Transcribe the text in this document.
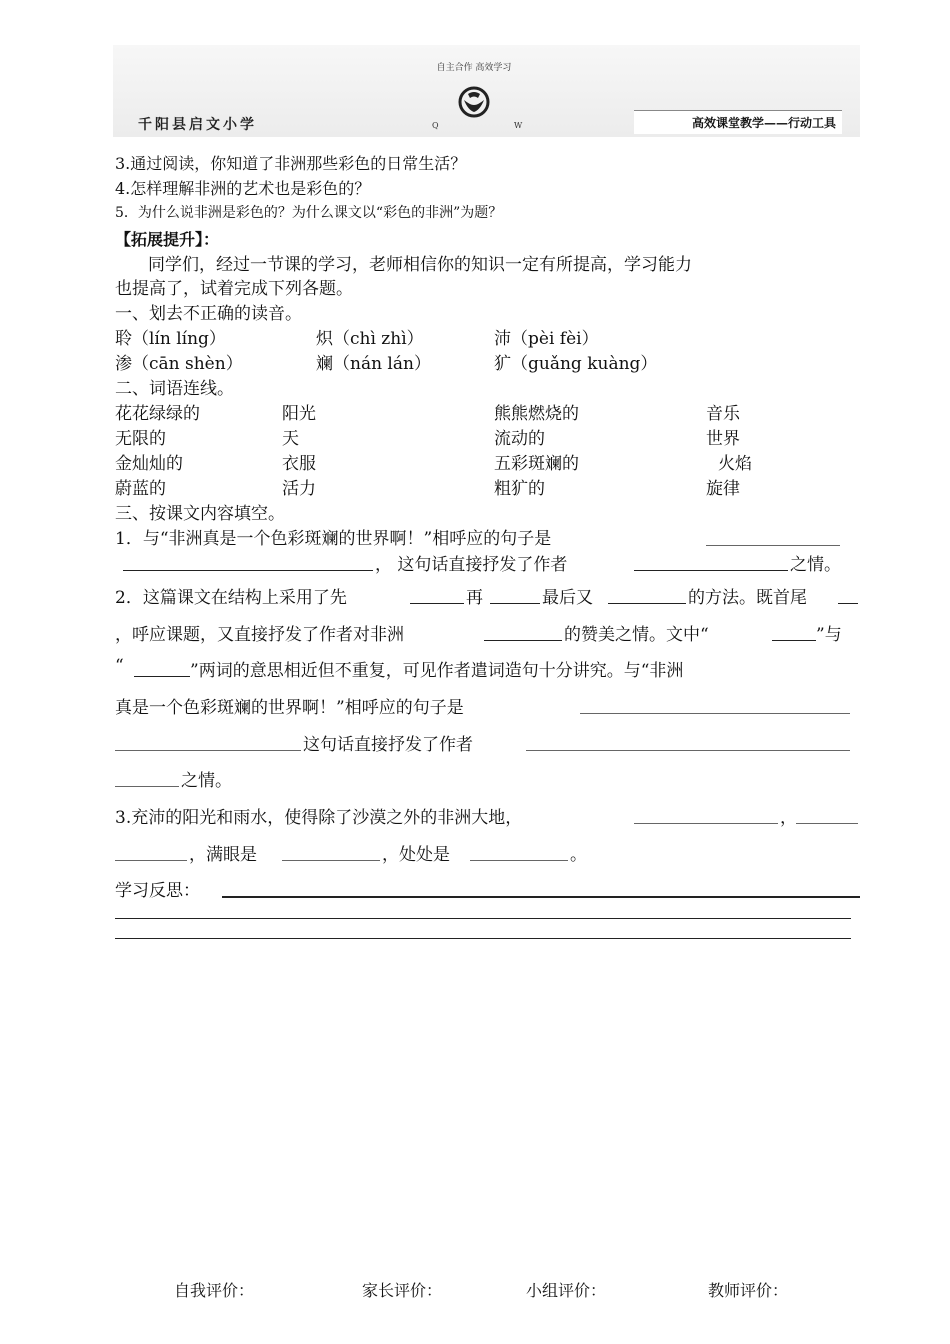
千阳县启文小学	高效课堂教学——行动工具
自主合作 高效学习
Q	W
3.通过阅读，你知道了非洲那些彩色的日常生活？
4.怎样理解非洲的艺术也是彩色的？
5．为什么说非洲是彩色的？为什么课文以“彩色的非洲”为题？
【拓展提升】：
同学们，经过一节课的学习，老师相信你的知识一定有所提高，学习能力
也提高了，试着完成下列各题。
一、划去不正确的读音。
聆（lín líng）	炽（chì zhì）	沛（pèi fèi）
渗（cān shèn）	斓（nán lán）	犷（guǎng kuàng）
二、词语连线。
花花绿绿的	阳光	熊熊燃烧的	音乐
无限的	天	流动的	世界
金灿灿的	衣服	五彩斑斓的	火焰
蔚蓝的	活力	粗犷的	旋律
三、按课文内容填空。
1．与“非洲真是一个色彩斑斓的世界啊！”相呼应的句子是
， 这句话直接抒发了作者	之情。
2．这篇课文在结构上采用了先	再	最后又	的方法。既首尾
，呼应课题，又直接抒发了作者对非洲	的赞美之情。文中“	”与
“	”两词的意思相近但不重复，可见作者遣词造句十分讲究。与“非洲
真是一个色彩斑斓的世界啊！”相呼应的句子是
这句话直接抒发了作者
之情。
3.充沛的阳光和雨水，使得除了沙漠之外的非洲大地，	，
，满眼是	，处处是	。
学习反思：
自我评价：	家长评价：	小组评价：	教师评价：
